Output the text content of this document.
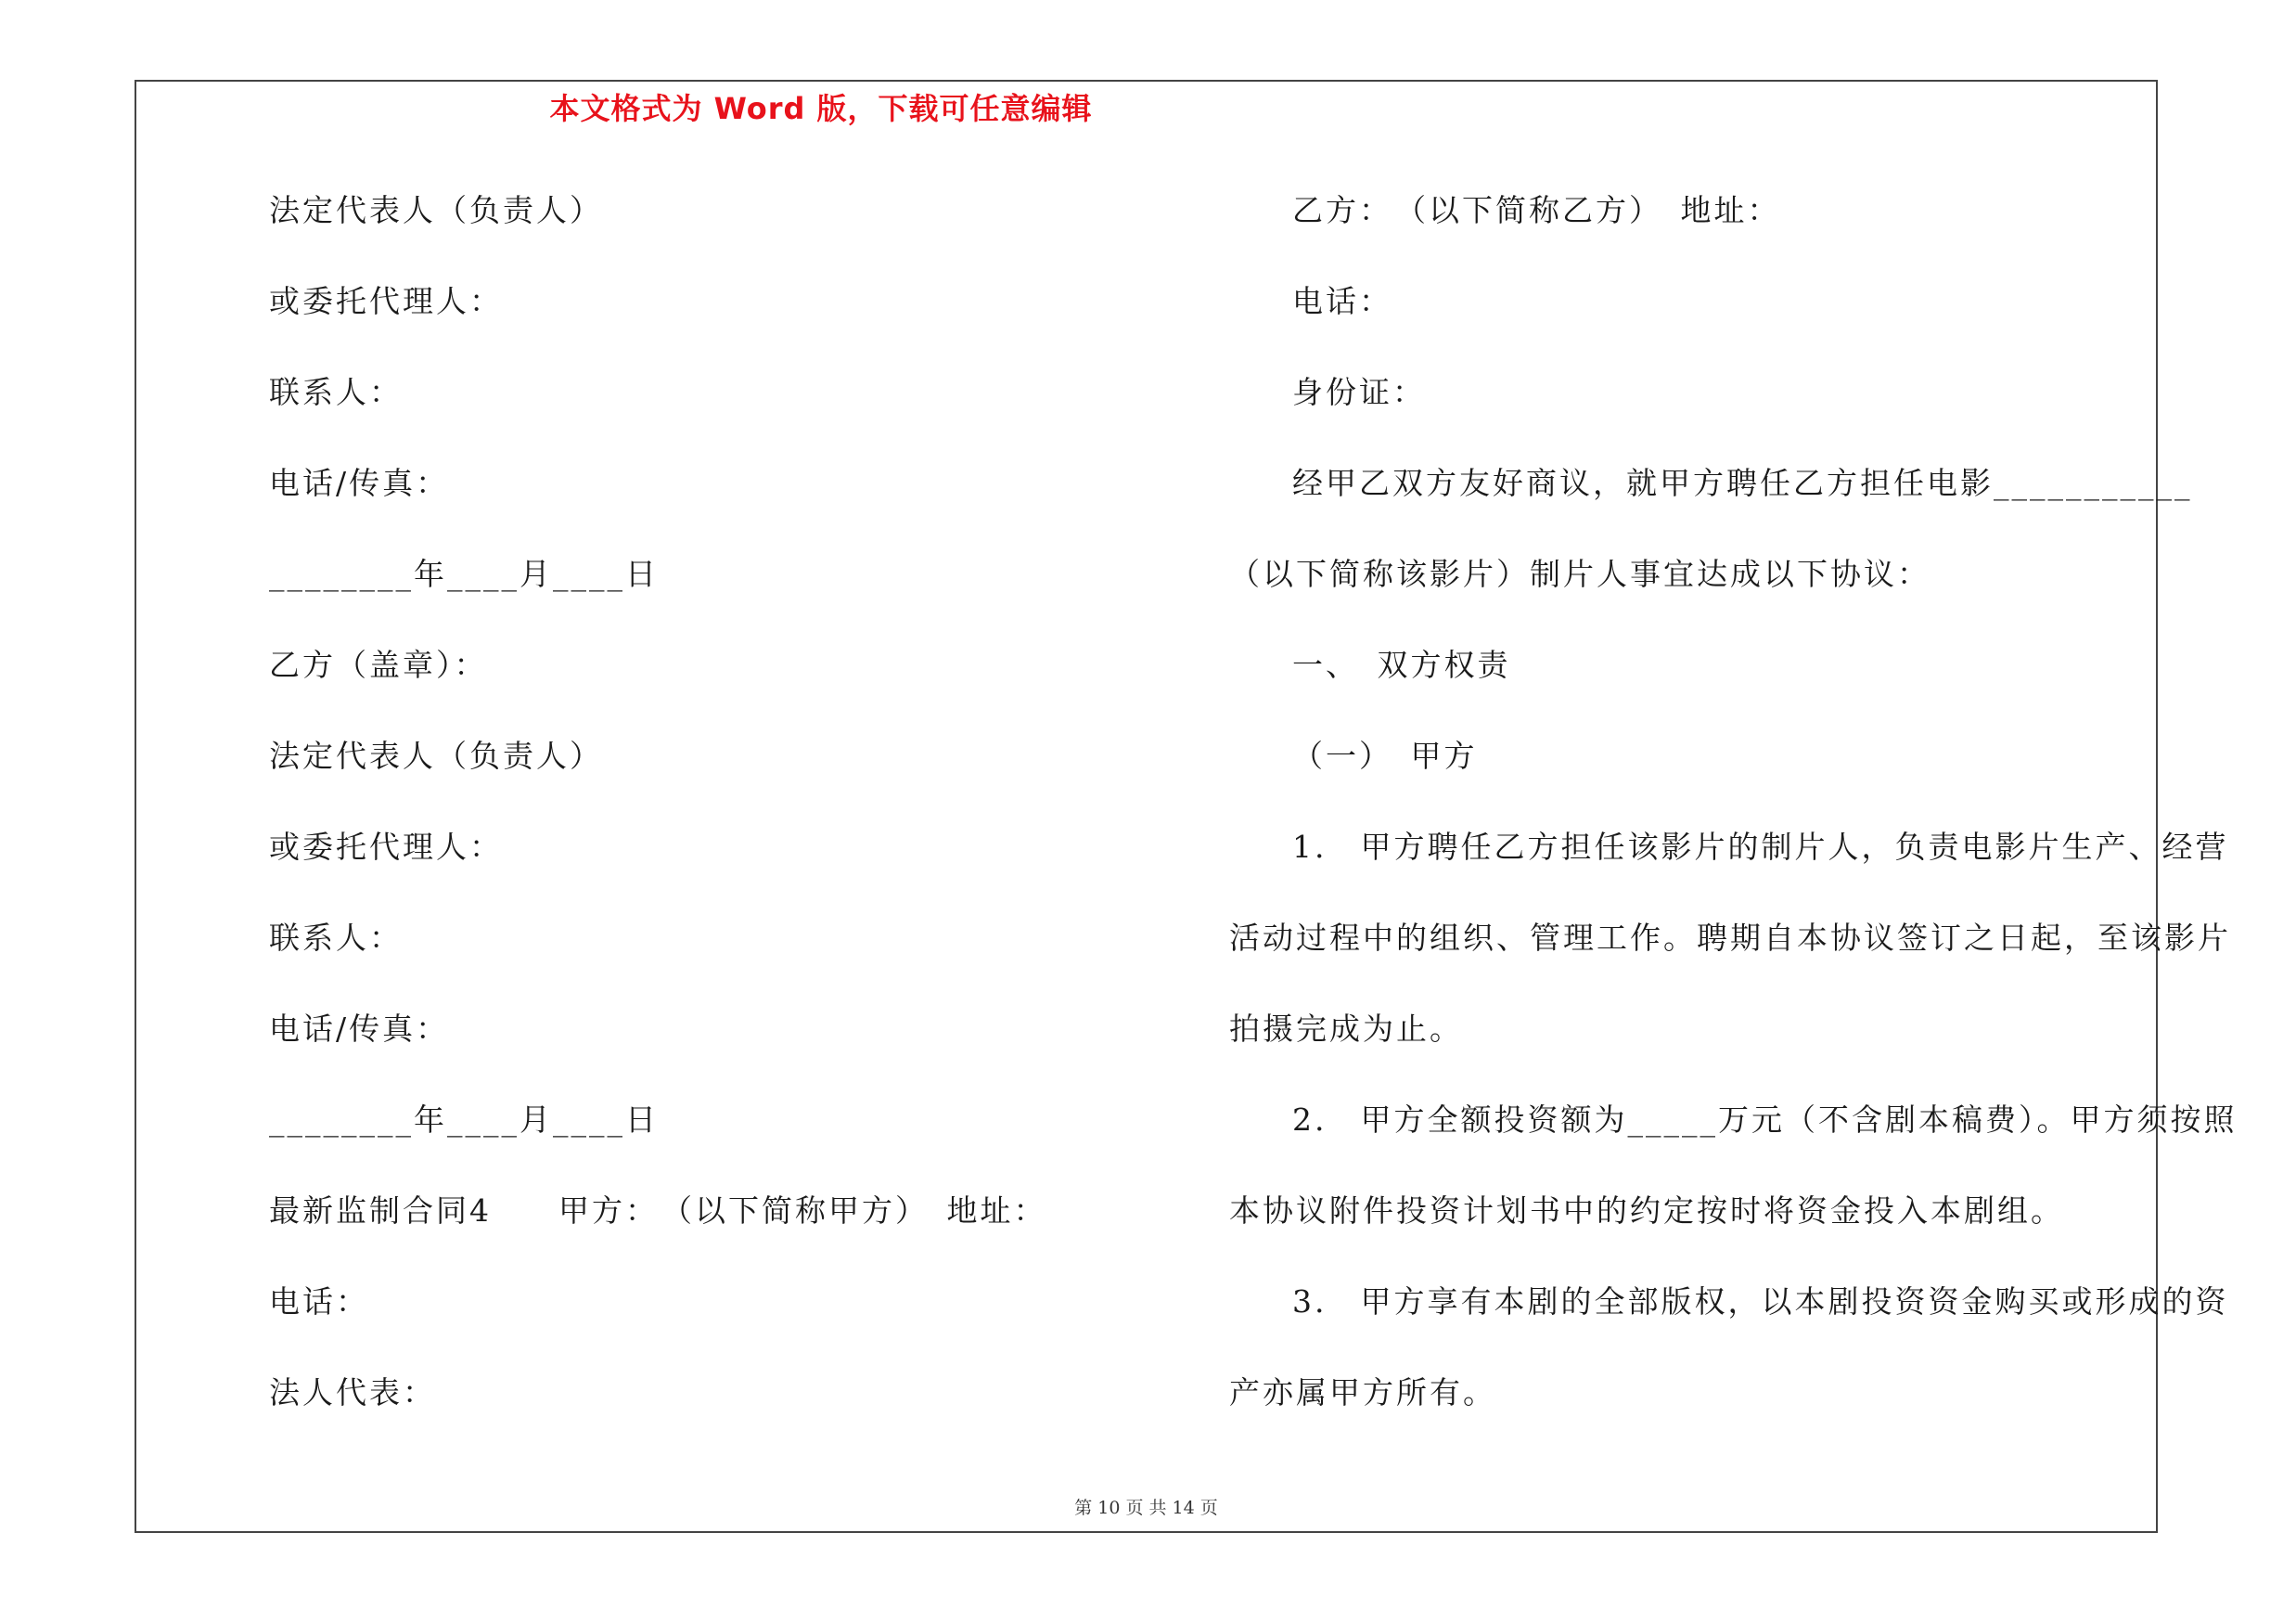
本文格式为 Word 版，下载可任意编辑
法定代表人（负责人）
或委托代理人：
联系人：
电话/传真：
________年____月____日
乙方（盖章）：
法定代表人（负责人）
或委托代理人：
联系人：
电话/传真：
________年____月____日
最新监制合同4　　甲方：　（以下简称甲方）　地址：
电话：
法人代表：
乙方：　（以下简称乙方）　地址：
电话：
身份证：
经甲乙双方友好商议，就甲方聘任乙方担任电影___________
（以下简称该影片）制片人事宜达成以下协议：
一、　双方权责
（一）　甲方
1.　甲方聘任乙方担任该影片的制片人，负责电影片生产、经营
活动过程中的组织、管理工作。聘期自本协议签订之日起，至该影片
拍摄完成为止。
2.　甲方全额投资额为_____万元（不含剧本稿费）。甲方须按照
本协议附件投资计划书中的约定按时将资金投入本剧组。
3.　甲方享有本剧的全部版权，以本剧投资资金购买或形成的资
产亦属甲方所有。
第 10 页 共 14 页
